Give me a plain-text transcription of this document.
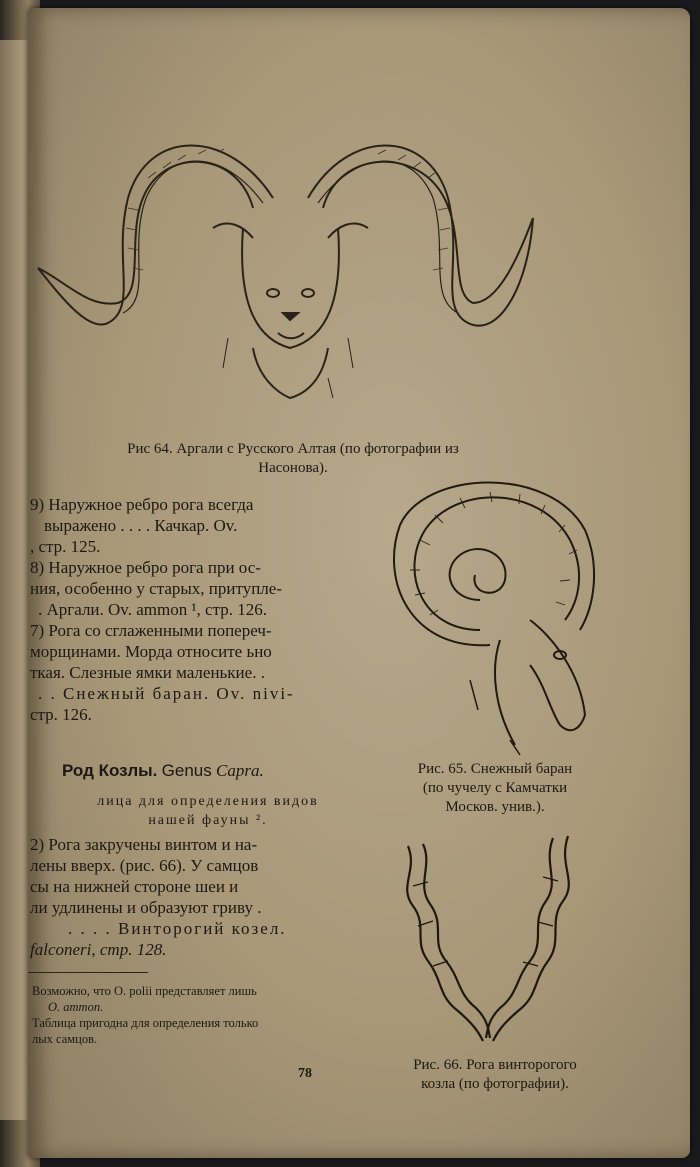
Рис 64. Аргали с Русского Алтая (по фотографии из
Насонова).
9) Наружное ребро рога всегда
выражено . . . . Качкар. Ov.
, стр. 125.
8) Наружное ребро рога при ос-
ния, особенно у старых, притупле-
. Аргали. Ov. ammon ¹, стр. 126.
7) Рога со сглаженными попереч-
морщинами. Морда относите ьно
ткая. Слезные ямки маленькие. .
. . Снежный баран. Ov. nivi-
стр. 126.
Рис. 65. Снежный баран
(по чучелу с Камчатки
Москов. унив.).
Род Козлы. Genus Capra.
лица для определения видов
нашей фауны ².
2) Рога закручены винтом и на-
лены вверх. (рис. 66). У самцов
сы на нижней стороне шеи и
ли удлинены и образуют гриву .
. . . . Винторогий козел.
falconeri, стр. 128.
Возможно, что O. polii представляет лишь
O. ammon.
Таблица пригодна для определения только
лых самцов.
78
Рис. 66. Рога винторогого
козла (по фотографии).
